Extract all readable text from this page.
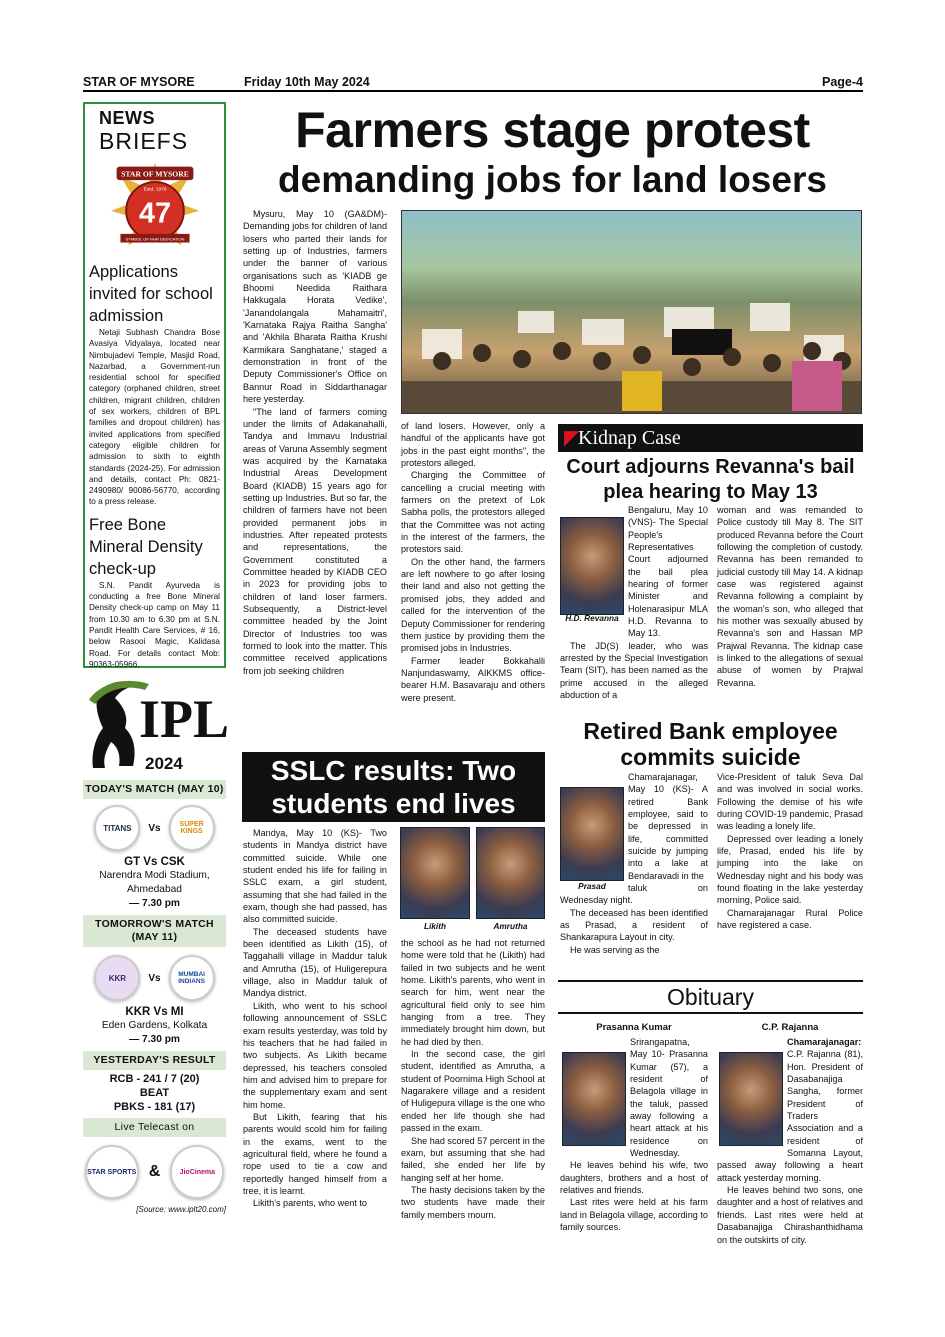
STAR OF MYSORE	Friday 10th May 2024	Page-4
NEWS
BRIEFS
STAR OF MYSORE
Estd. 1978
47
SYMBOL OF FAIR DEDICATION
Applications invited for school admission

Netaji Subhash Chandra Bose Avasiya Vidyalaya, located near Nimbujadevi Temple, Masjid Road, Nazarbad, a Government-run residential school for specified category (orphaned children, street children, migrant children, children of sex workers, children of BPL families and dropout children) has invited applications from specified category eligible children for admission to sixth to eighth standards (2024-25). For admission and details, contact Ph: 0821-2490980/ 90086-56770, according to a press release.

Free Bone Mineral Density check-up

S.N. Pandit Ayurveda is conducting a free Bone Mineral Density check-up camp on May 11 from 10.30 am to 6.30 pm at S.N. Pandit Health Care Services, # 16, below Rasooi Magic, Kalidasa Road. For details contact Mob: 90363-05966.

IPL
2024
TODAY'S MATCH (MAY 10)
TITANS	Vs	SUPER KINGS
GT Vs CSK
Narendra Modi Stadium, Ahmedabad
— 7.30 pm
TOMORROW'S MATCH (MAY 11)
KKR	Vs	MUMBAI INDIANS
KKR Vs MI
Eden Gardens, Kolkata
— 7.30 pm
YESTERDAY'S RESULT
RCB - 241 / 7 (20)
BEAT
PBKS - 181 (17)
Live Telecast on
STAR SPORTS &	JioCinema
[Source: www.iplt20.com]
Farmers stage protest
demanding jobs for land losers

Mysuru, May 10 (GA&DM)- Demanding jobs for children of land losers who parted their lands for setting up of Industries, farmers under the banner of various organisations such as 'KIADB ge Bhoomi Needida Raithara Hakkugala Horata Vedike', 'Janandolangala Mahamaitri', 'Karnataka Rajya Raitha Sangha' and 'Akhila Bharata Raitha Krushi Karmikara Sanghatane,' staged a demonstration in front of the Deputy Commissioner's Office on Bannur Road in Siddarthanagar here yesterday.

"The land of farmers coming under the limits of Adakanahalli, Tandya and Immavu Industrial areas of Varuna Assembly segment was acquired by the Karnataka Industrial Areas Development Board (KIADB) 15 years ago for setting up Industries. But so far, the children of farmers have not been provided permanent jobs in industries. After repeated protests and representations, the Government constituted a Committee headed by KIADB CEO in 2023 for providing jobs to children of land loser farmers. Subsequently, a District-level committee headed by the Joint Director of Industries too was formed to look into the matter. This committee received applications from job seeking children

of land losers. However, only a handful of the applicants have got jobs in the past eight months", the protestors alleged.

Charging the Committee of cancelling a crucial meeting with farmers on the pretext of Lok Sabha polls, the protestors alleged that the Committee was not acting in the interest of the farmers, the protestors said.

On the other hand, the farmers are left nowhere to go after losing their land and also not getting the promised jobs, they added and called for the intervention of the Deputy Commissioner for rendering them justice by providing them the promised jobs in Industries.

Farmer leader Bokkahalli Nanjundaswamy, AIKKMS office-bearer H.M. Basavaraju and others were present.

◤
Kidnap Case
Court adjourns Revanna's bail plea hearing to May 13
H.D. Revanna

Bengaluru, May 10 (VNS)- The Special People's Representatives Court adjourned the bail plea hearing of former Minister and Holenarasipur MLA H.D. Revanna to May 13.

The JD(S) leader, who was arrested by the Special Investigation Team (SIT), has been named as the prime accused in the alleged abduction of a

woman and was remanded to Police custody till May 8. The SIT produced Revanna before the Court following the completion of custody. Revanna has been remanded to judicial custody till May 14. A kidnap case was registered against Revanna following a complaint by the woman's son, who alleged that his mother was sexually abused by Revanna's son and Hassan MP Prajwal Revanna. The kidnap case is linked to the allegations of sexual abuse of women by Prajwal Revanna.

Retired Bank employee commits suicide
Prasad

Chamarajanagar, May 10 (KS)- A retired Bank employee, said to be depressed in life, committed suicide by jumping into a lake at Bendaravadi in the

taluk on Wednesday night.

The deceased has been identified as Prasad, a resident of Shankarapura Layout in city.

He was serving as the

Vice-President of taluk Seva Dal and was involved in social works. Following the demise of his wife during COVID-19 pandemic, Prasad was leading a lonely life.

Depressed over leading a lonely life, Prasad, ended his life by jumping into the lake on Wednesday night and his body was found floating in the lake yesterday morning, Police said.

Chamarajanagar Rural Police have registered a case.

SSLC results: Two students end lives

Mandya, May 10 (KS)- Two students in Mandya district have committed suicide. While one student ended his life for failing in SSLC exam, a girl student, assuming that she had failed in the exam, though she had passed, has also committed suicide.

The deceased students have been identified as Likith (15), of Taggahalli village in Maddur taluk and Amrutha (15), of Huligerepura village, also in Maddur taluk of Mandya district.

Likith, who went to his school following announcement of SSLC exam results yesterday, was told by his teachers that he had failed in two subjects. As Likith became depressed, his teachers consoled him and advised him to prepare for the supplementary exam and sent him home.

But Likith, fearing that his parents would scold him for failing in the exams, went to the agricultural field, where he found a rope used to tie a cow and reportedly hanged himself from a tree, it is learnt.

Likith's parents, who went to

Likith	Amrutha

the school as he had not returned home were told that he (Likith) had failed in two subjects and he went home. Likith's parents, who went in search for him, went near the agricultural field only to see him hanging from a tree. They immediately brought him down, but he had died by then.

In the second case, the girl student, identified as Amrutha, a student of Poornima High School at Nagarakere village and a resident of Huligepura village is the one who ended her life though she had passed in the exam.

She had scored 57 percent in the exam, but assuming that she had failed, she ended her life by hanging self at her home.

The hasty decisions taken by the two students have made their family members mourn.

Obituary
Prasanna Kumar

Srirangapatna, May 10- Prasanna Kumar (57), a resident of Belagola village in the taluk, passed away following a heart attack at his residence on Wednesday.

He leaves behind his wife, two daughters, brothers and a host of relatives and friends.

Last rites were held at his farm land in Belagola village, according to family sources.

C.P. Rajanna

Chamarajanagar: C.P. Rajanna (81), Hon. President of Dasabanajiga Sangha, former President of Traders Association and a resident of Somanna Layout, passed away following a heart attack yesterday morning.

He leaves behind two sons, one daughter and a host of relatives and friends. Last rites were held at Dasabanajiga Chirashanthidhama on the outskirts of city.
